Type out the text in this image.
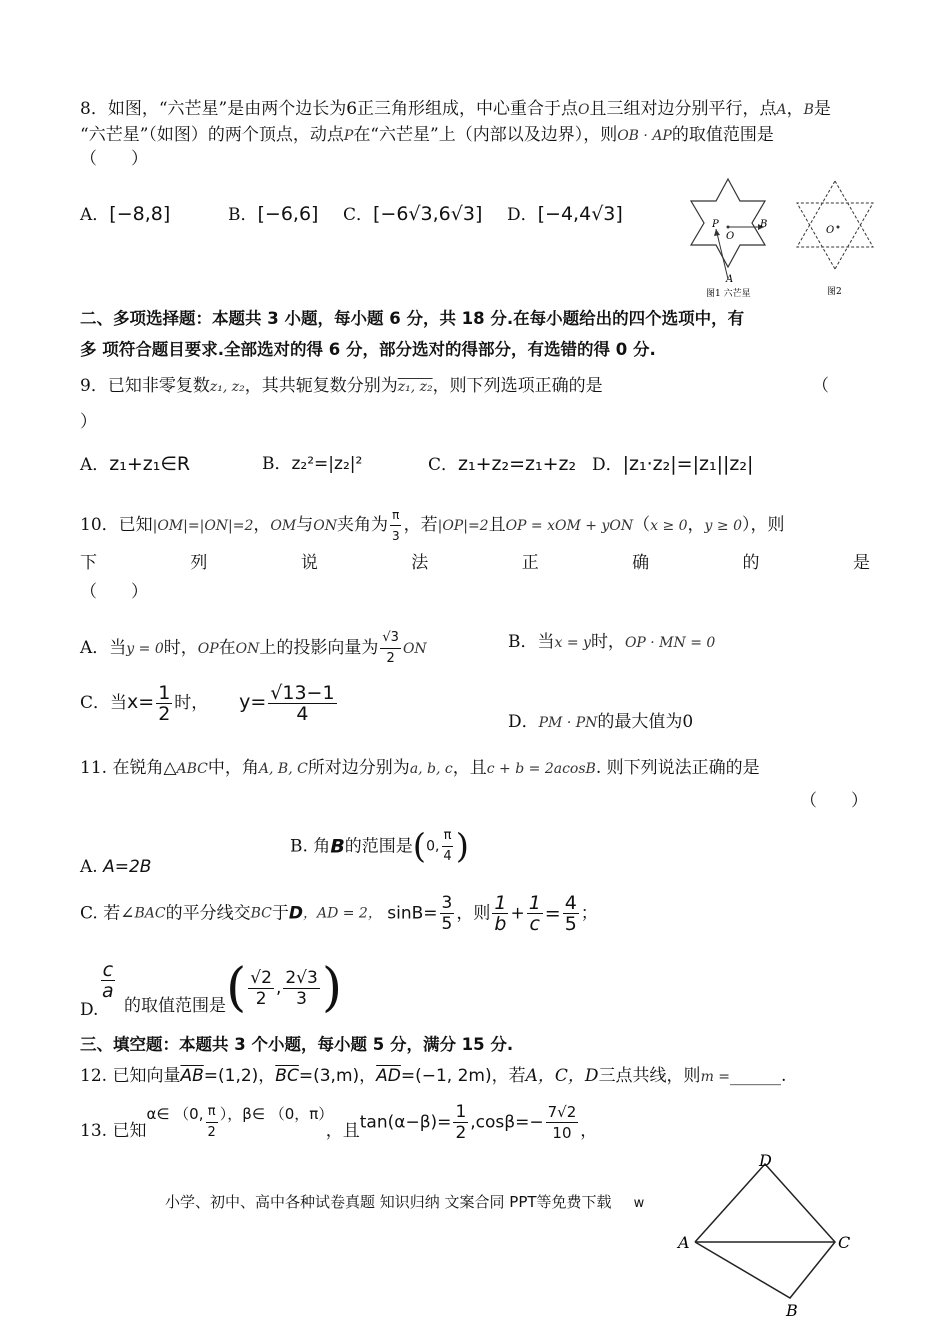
8．如图，“六芒星”是由两个边长为6正三角形组成，中心重合于点O且三组对边分别平行，点A，B是
“六芒星”（如图）的两个顶点，动点P在“六芒星”上（内部以及边界），则OB · AP的取值范围是
（　　）
A．[−8,8]	B．[−6,6] C．[−6√3,6√3] D．[−4,4√3]	P
O
B
A
图1 六芒星
O
图2
二、多项选择题：本题共 3 小题，每小题 6 分，共 18 分.在每小题给出的四个选项中，有
多 项符合题目要求.全部选对的得 6 分，部分选对的得部分，有选错的得 0 分.
9．已知非零复数z₁, z₂，其共轭复数分别为z₁, z₂，则下列选项正确的是	（
）
A．z₁+z₁∈R	B．z₂²=|z₂|²	C．z₁+z₂=z₁+z₂ D．|z₁·z₂|=|z₁||z₂|
10．已知|OM|=|ON|=2，OM与ON夹角为 $\frac{\pi}{3}$ ，若|OP|=2且OP = xOM + yON（x ≥ 0，y ≥ 0），则
下	列	说	法	正	确	的	是
（　　）
A．当y = 0时，OP在ON上的投影向量为 $\frac{√3}{2}$ ON	B．当x = y时，OP · MN = 0
C．当$x= \frac{1}{2}$ 时， $y= \frac{√13-1}{4}$	D．PM · PN的最大值为0
11. 在锐角△ABC中，角A, B, C所对边分别为a, b, c，且c + b = 2acosB. 则下列说法正确的是
（　　）
A. A=2B
B. 角B的范围是(0, $\frac{\pi}{4}$ )
C. 若∠BAC的平分线交BC于D，AD = 2， $\sin B= \frac{3}{5}$ ，则 $\frac{1}{b} + \frac{1}{c} = \frac{4}{5}$ ；
$\frac{c}{a}$
D. 的取值范围是( $\frac{√2}{2}$ , $\frac{2√3}{3}$ )
三、填空题：本题共 3 个小题，每小题 5 分，满分 15 分.
12. 已知向量$\overline{AB}=(1,2)$，$\overline{BC}=(3,m)$，$\overline{AD}=(-1$, 2m)，若A，C，D三点共线，则m =______.
13. 已知α∈ （0, $\frac{\pi}{2}$ ），β∈ （0，π），且$\tan(\alpha-\beta)= \frac{1}{2} ,\cos\beta=- \frac{7√2}{10}$ ，
D
A	C
B
小学、初中、高中各种试卷真题 知识归纳 文案合同 PPT等免费下载 w
